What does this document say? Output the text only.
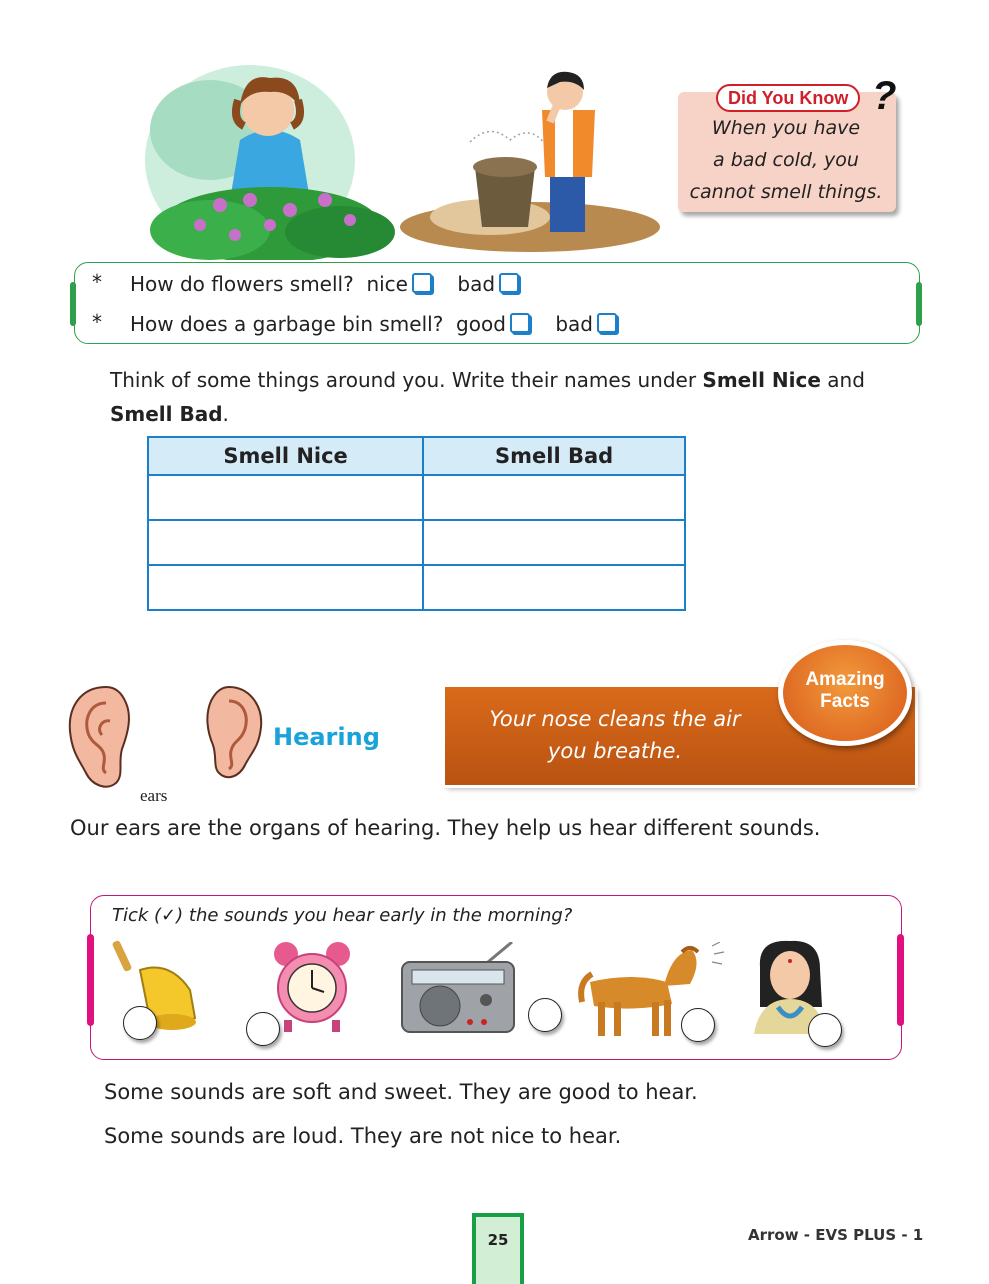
Did You Know ?
When you have
a bad cold, you
cannot smell things.
* How do flowers smell? nice bad
* How does a garbage bin smell? good bad
Think of some things around you. Write their names under Smell Nice and
Smell Bad.
Smell Nice	Smell Bad

Hearing
ears
Your nose cleans the air
you breathe.
Amazing
Facts
Our ears are the organs of hearing. They help us hear different sounds.
Tick (✓) the sounds you hear early in the morning?
Some sounds are soft and sweet. They are good to hear.
Some sounds are loud. They are not nice to hear.
25	Arrow - EVS PLUS - 1
